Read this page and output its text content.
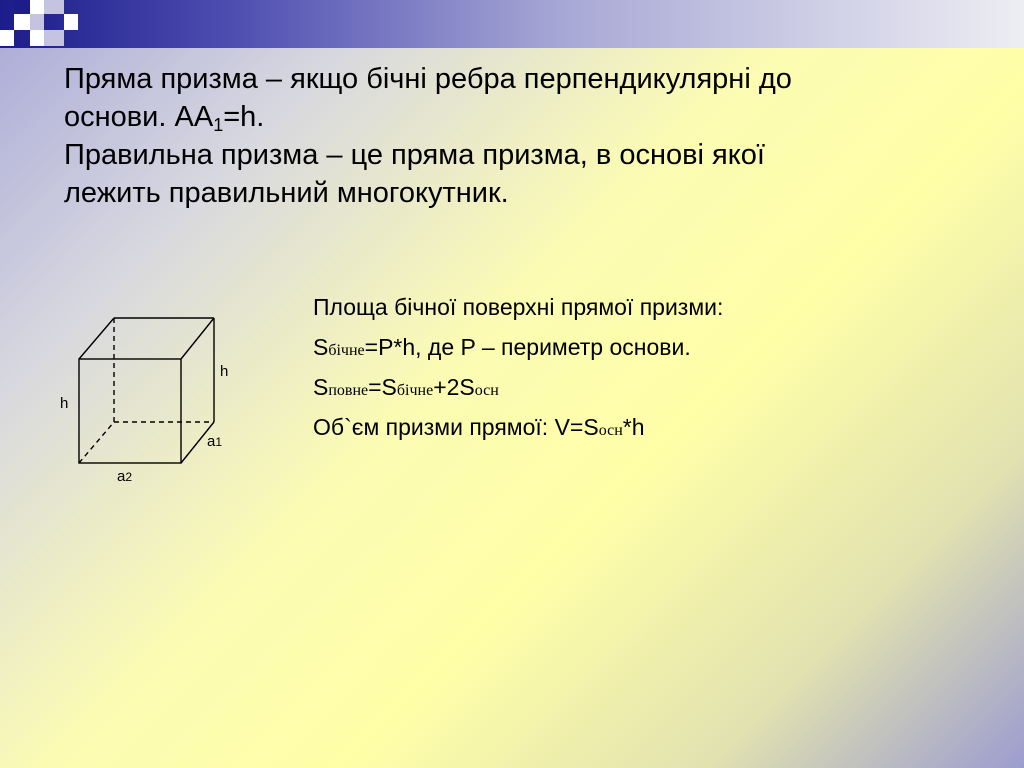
Пряма призма – якщо бічні ребра перпендикулярні до

основи. $AA_1=h$.

Правильна призма – це пряма призма, в основі якої

лежить правильний многокутник.

h
h
a1
a2
Площа бічної поверхні прямої призми:
Sбічне=P*h, де P – периметр основи.
Sповне=Sбічне+2Sосн
Об`єм призми прямої: V=Sосн*h
